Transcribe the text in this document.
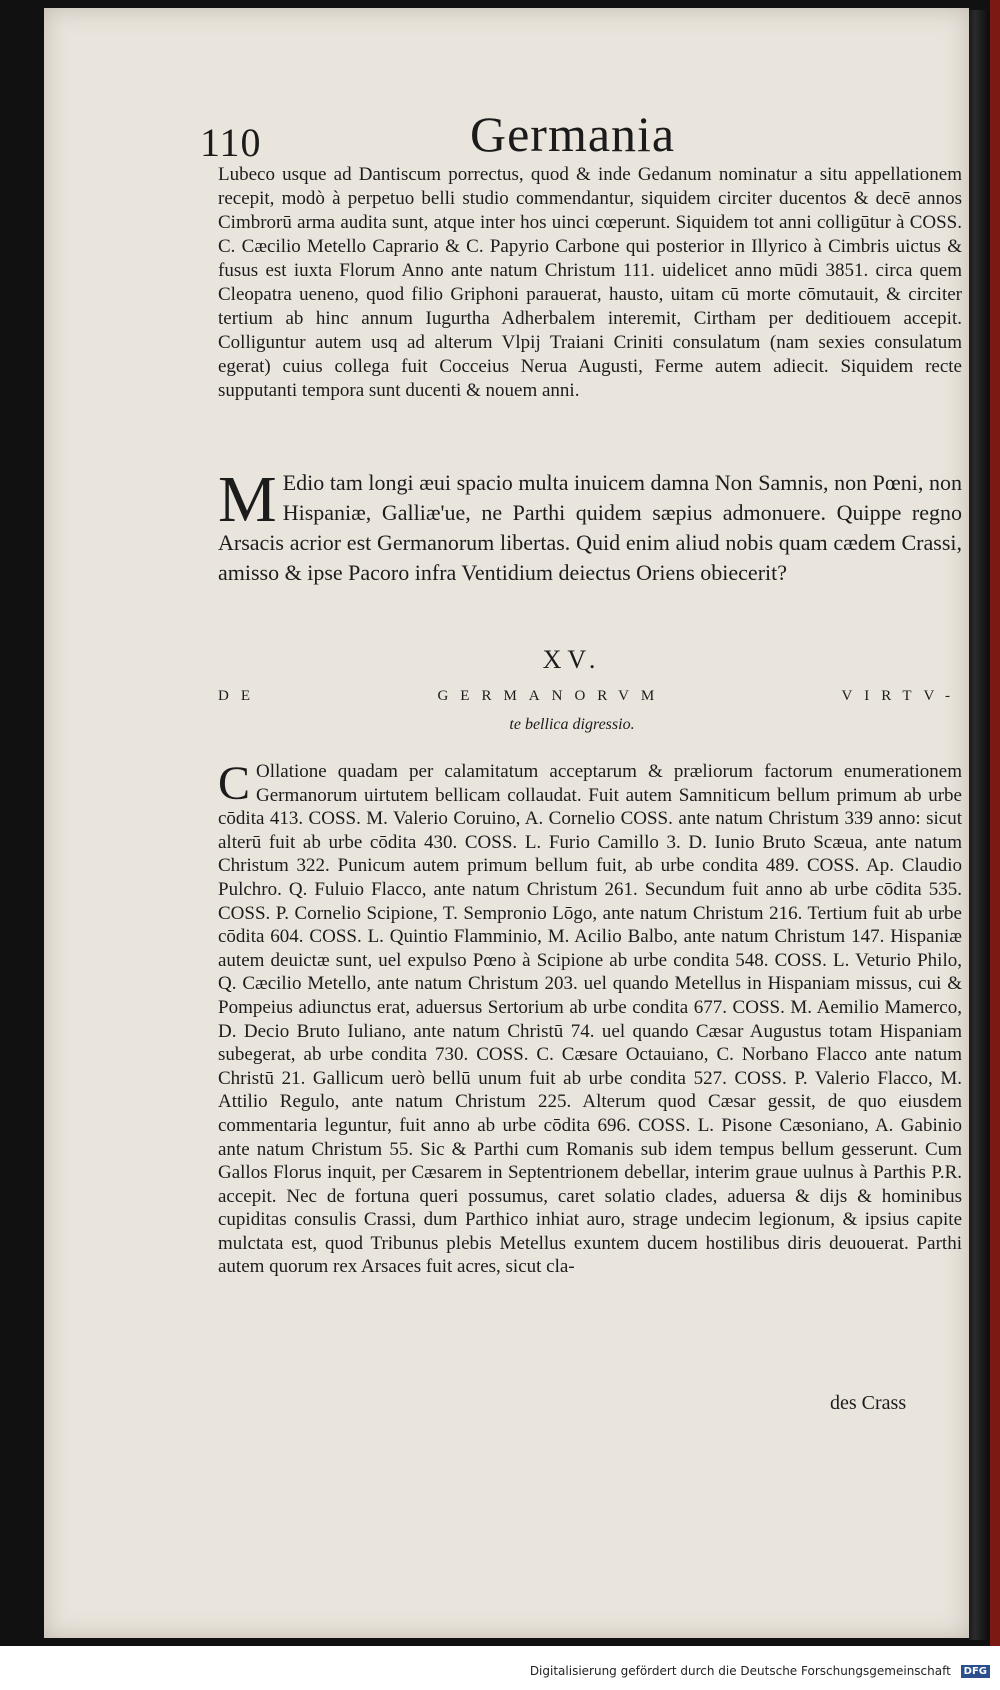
110	Germania
Lubeco usque ad Dantiscum porrectus, quod & inde Gedanum nominatur a situ appellationem recepit, modò à perpetuo belli studio commendantur, siquidem circiter ducentos & decē annos Cimbrorū arma audita sunt, atque inter hos uinci cœperunt. Siquidem tot anni colligūtur à COSS. C. Cæcilio Metello Caprario & C. Papyrio Carbone qui posterior in Illyrico à Cimbris uictus & fusus est iuxta Florum Anno ante natum Christum 111. uidelicet anno mūdi 3851. circa quem Cleopatra ueneno, quod filio Griphoni parauerat, hausto, uitam cū morte cōmutauit, & circiter tertium ab hinc annum Iugurtha Adherbalem interemit, Cirtham per deditiouem accepit. Colliguntur autem usq ad alterum Vlpij Traiani Criniti consulatum (nam sexies consulatum egerat) cuius collega fuit Cocceius Nerua Augusti, Ferme autem adiecit. Siquidem recte supputanti tempora sunt ducenti & nouem anni.
M Edio tam longi æui spacio multa inuicem damna Non Samnis, non Pœni, non Hispaniæ, Galliæ'ue, ne Parthi quidem sæpius admonuere. Quippe regno Arsacis acrior est Germanorum libertas. Quid enim aliud nobis quam cædem Crassi, amisso & ipse Pacoro infra Ventidium deiectus Oriens obiecerit?
XV.
DE GERMANORVM VIRTV-
te bellica digressio.
C Ollatione quadam per calamitatum acceptarum & præliorum factorum enumerationem Germanorum uirtutem bellicam collaudat. Fuit autem Samniticum bellum primum ab urbe cōdita 413. COSS. M. Valerio Coruino, A. Cornelio COSS. ante natum Christum 339 anno: sicut alterū fuit ab urbe cōdita 430. COSS. L. Furio Camillo 3. D. Iunio Bruto Scæua, ante natum Christum 322. Punicum autem primum bellum fuit, ab urbe condita 489. COSS. Ap. Claudio Pulchro. Q. Fuluio Flacco, ante natum Christum 261. Secundum fuit anno ab urbe cōdita 535. COSS. P. Cornelio Scipione, T. Sempronio Lōgo, ante natum Christum 216. Tertium fuit ab urbe cōdita 604. COSS. L. Quintio Flamminio, M. Acilio Balbo, ante natum Christum 147. Hispaniæ autem deuictæ sunt, uel expulso Pœno à Scipione ab urbe condita 548. COSS. L. Veturio Philo, Q. Cæcilio Metello, ante natum Christum 203. uel quando Metellus in Hispaniam missus, cui & Pompeius adiunctus erat, aduersus Sertorium ab urbe condita 677. COSS. M. Aemilio Mamerco, D. Decio Bruto Iuliano, ante natum Christū 74. uel quando Cæsar Augustus totam Hispaniam subegerat, ab urbe condita 730. COSS. C. Cæsare Octauiano, C. Norbano Flacco ante natum Christū 21. Gallicum uerò bellū unum fuit ab urbe condita 527. COSS. P. Valerio Flacco, M. Attilio Regulo, ante natum Christum 225. Alterum quod Cæsar gessit, de quo eiusdem commentaria leguntur, fuit anno ab urbe cōdita 696. COSS. L. Pisone Cæsoniano, A. Gabinio ante natum Christum 55. Sic & Parthi cum Romanis sub idem tempus bellum gesserunt. Cum Gallos Florus inquit, per Cæsarem in Septentrionem debellar, interim graue uulnus à Parthis P.R. accepit. Nec de fortuna queri possumus, caret solatio clades, aduersa & dijs & hominibus cupiditas consulis Crassi, dum Parthico inhiat auro, strage undecim legionum, & ipsius capite mulctata est, quod Tribunus plebis Metellus exuntem ducem hostilibus diris deuouerat. Parthi autem quorum rex Arsaces fuit acres, sicut cla-
des Crass
Digitalisierung gefördert durch die Deutsche Forschungsgemeinschaft DFG
